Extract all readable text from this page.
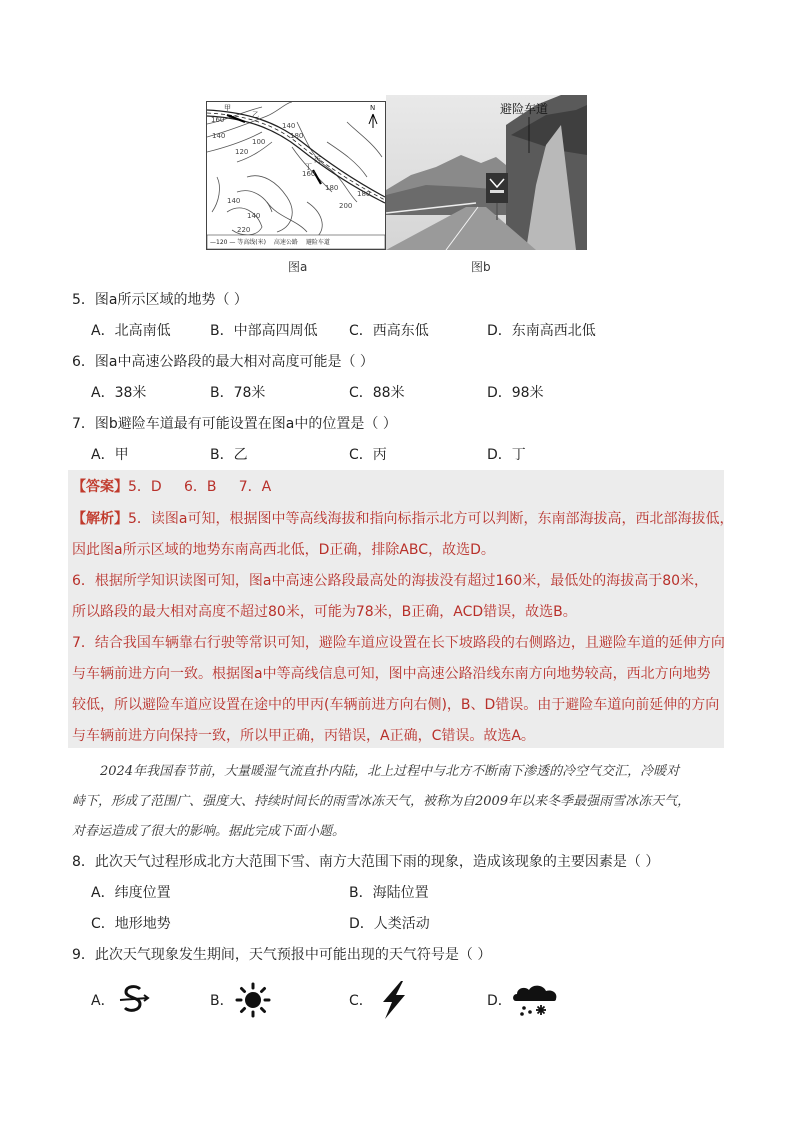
甲
乙
丙
丁
N
160
140
120
100
180
140
160
180
140
220
200
180
140
—120 — 等高线(米) 高速公路 避险车道
图a
避险车道
图b
5．图a所示区域的地势（ ）
A．北高南低	B．中部高四周低 C．西高东低	D．东南高西北低
6．图a中高速公路段的最大相对高度可能是（ ）
A．38米	B．78米	C．88米	D．98米
7．图b避险车道最有可能设置在图a中的位置是（ ）
A．甲	B．乙	C．丙	D．丁
【答案】5．D     6．B     7．A
【解析】5．读图a可知，根据图中等高线海拔和指向标指示北方可以判断，东南部海拔高，西北部海拔低，
因此图a所示区域的地势东南高西北低，D正确，排除ABC，故选D。
6．根据所学知识读图可知，图a中高速公路段最高处的海拔没有超过160米，最低处的海拔高于80米，
所以路段的最大相对高度不超过80米，可能为78米，B正确，ACD错误，故选B。
7．结合我国车辆靠右行驶等常识可知，避险车道应设置在长下坡路段的右侧路边，且避险车道的延伸方向
与车辆前进方向一致。根据图a中等高线信息可知，图中高速公路沿线东南方向地势较高，西北方向地势
较低，所以避险车道应设置在途中的甲丙(车辆前进方向右侧)，B、D错误。由于避险车道向前延伸的方向
与车辆前进方向保持一致，所以甲正确，丙错误，A正确，C错误。故选A。
2024年我国春节前，大量暖湿气流直扑内陆，北上过程中与北方不断南下渗透的冷空气交汇，冷暖对
峙下，形成了范围广、强度大、持续时间长的雨雪冰冻天气，被称为自2009年以来冬季最强雨雪冰冻天气，
对春运造成了很大的影响。据此完成下面小题。
8．此次天气过程形成北方大范围下雪、南方大范围下雨的现象，造成该现象的主要因素是（ ）
A．纬度位置	B．海陆位置
C．地形地势	D．人类活动
9．此次天气现象发生期间，天气预报中可能出现的天气符号是（ ）
A．	B．	C．	D．
